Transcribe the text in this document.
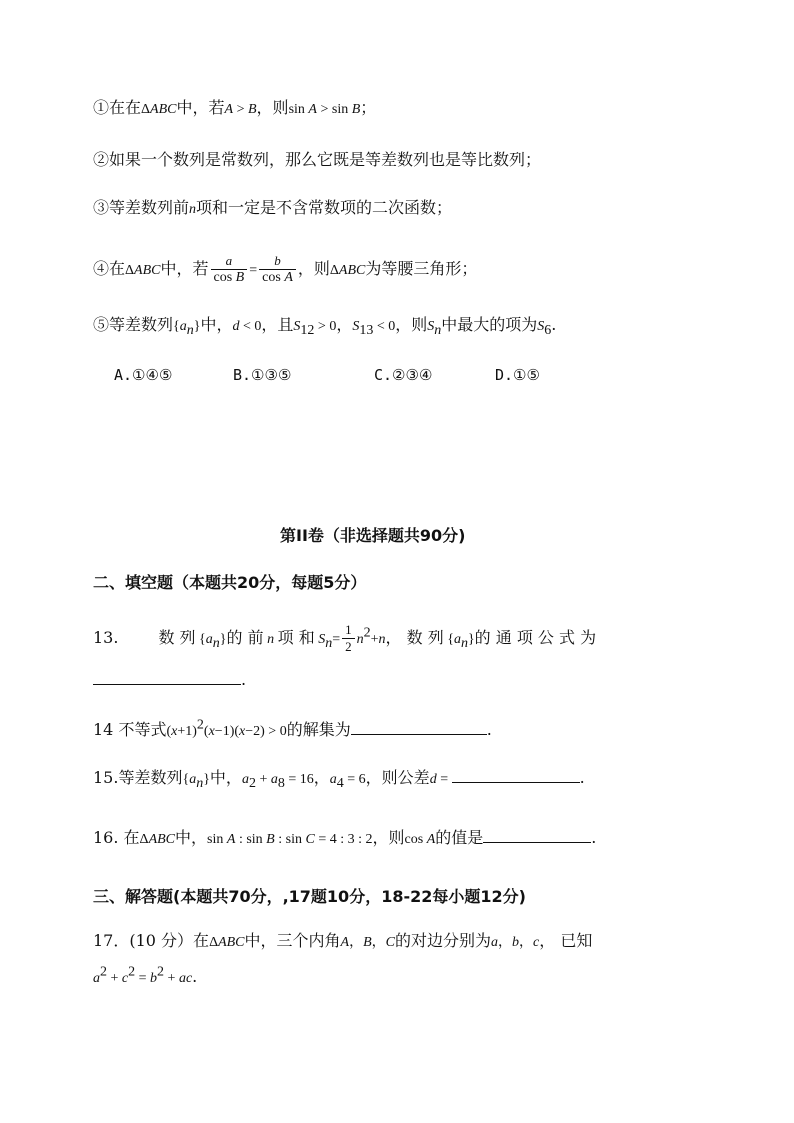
①在在ΔABC中，若A > B，则sin A > sin B；
②如果一个数列是常数列，那么它既是等差数列也是等比数列；
③等差数列前n项和一定是不含常数项的二次函数；
④在ΔABC中，若 $\frac{a}{\text{cos B}} = \frac{b}{\text{cos A}}$ ，则ΔABC为等腰三角形；
⑤等差数列$\{a_n\}$中，d < 0，且$S_{12} > 0$，$S_{13} < 0$，则$S_n$中最大的项为$S_6$.
A.①④⑤	B.①③⑤	C.②③④	D.①⑤
第II卷（非选择题共90分)
二、填空题（本题共20分，每题5分）
13.	数 列 $\{a_n\}$的 前 n 项 和 $S_n= \frac{1}{2} n^2+n$， 数 列 $\{a_n\}$的 通 项 公 式 为
.
14 不等式$(x+1)^2(x-1)(x-2) > 0$的解集为	.
15.等差数列$\{a_n\}$中，$a_2 + a_8 = 16$，$a_4 = 6$，则公差d =	.
16. 在ΔABC中，sin A : sin B : sin C = 4 : 3 : 2，则cos A的值是	.
三、解答题(本题共70分，,17题10分，18-22每小题12分)
17．(10 分）在ΔABC中，三个内角A，B，C的对边分别为a，b，c， 已知
$a^2 + c^2 = b^2$ + ac.
